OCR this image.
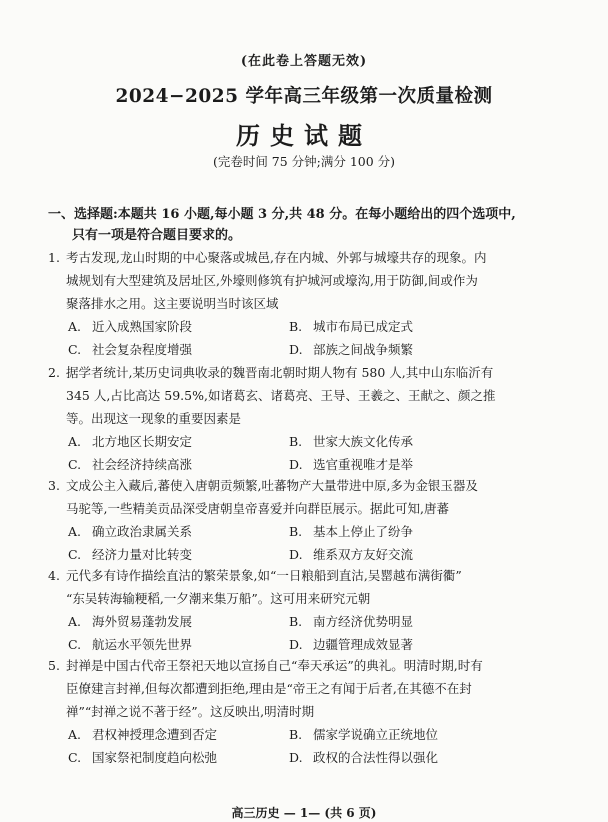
(在此卷上答题无效)
2024−2025 学年高三年级第一次质量检测
历史试题
(完卷时间 75 分钟;满分 100 分)
一、选择题:本题共 16 小题,每小题 3 分,共 48 分。在每小题给出的四个选项中,
只有一项是符合题目要求的。
1. 考古发现,龙山时期的中心聚落或城邑,存在内城、外郭与城壕共存的现象。内
城规划有大型建筑及居址区,外壕则修筑有护城河或壕沟,用于防御,间或作为
聚落排水之用。这主要说明当时该区域
A. 近入成熟国家阶段	B. 城市布局已成定式
C. 社会复杂程度增强	D. 部族之间战争频繁
2. 据学者统计,某历史词典收录的魏晋南北朝时期人物有 580 人,其中山东临沂有
345 人,占比高达 59.5%,如诸葛玄、诸葛亮、王导、王羲之、王献之、颜之推
等。出现这一现象的重要因素是
A. 北方地区长期安定	B. 世家大族文化传承
C. 社会经济持续高涨	D. 选官重视唯才是举
3. 文成公主入藏后,蕃使入唐朝贡频繁,吐蕃物产大量带进中原,多为金银玉器及
马驼等,一些精美贡品深受唐朝皇帝喜爱并向群臣展示。据此可知,唐蕃
A. 确立政治隶属关系	B. 基本上停止了纷争
C. 经济力量对比转变	D. 维系双方友好交流
4. 元代多有诗作描绘直沽的繁荣景象,如“一日粮船到直沽,吴罂越布满街衢”
“东吴转海输粳稻,一夕潮来集万船”。这可用来研究元朝
A. 海外贸易蓬勃发展	B. 南方经济优势明显
C. 航运水平领先世界	D. 边疆管理成效显著
5. 封禅是中国古代帝王祭祀天地以宣扬自己“奉天承运”的典礼。明清时期,时有
臣僚建言封禅,但每次都遭到拒绝,理由是“帝王之有闻于后者,在其德不在封
禅”“封禅之说不著于经”。这反映出,明清时期
A. 君权神授理念遭到否定	B. 儒家学说确立正统地位
C. 国家祭祀制度趋向松弛	D. 政权的合法性得以强化
高三历史 — 1— (共 6 页)
